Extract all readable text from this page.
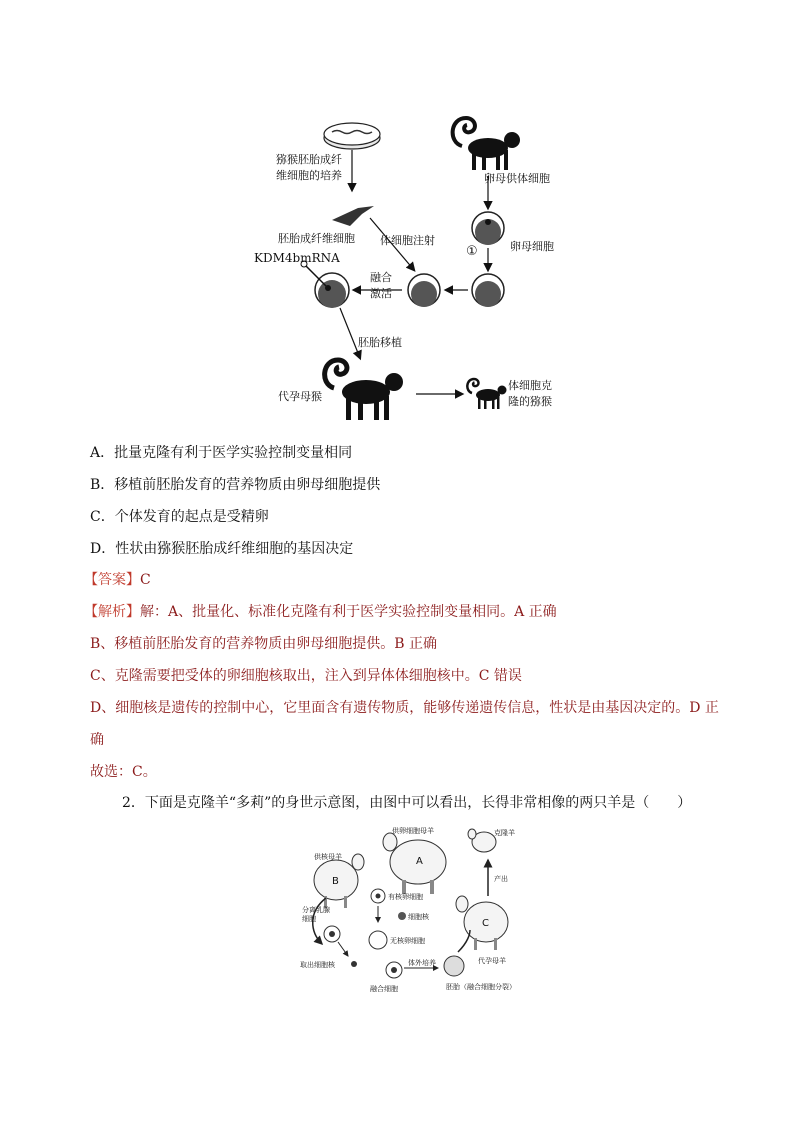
猕猴胚胎成纤
维细胞的培养	卵母供体细胞
胚胎成纤维细胞 体细胞注射	卵母细胞
①
KDM4bmRNA
融合
激活
胚胎移植
代孕母猴
体细胞克
隆的猕猴
A．批量克隆有利于医学实验控制变量相同
B．移植前胚胎发育的营养物质由卵母细胞提供
C．个体发育的起点是受精卵
D．性状由猕猴胚胎成纤维细胞的基因决定
【答案】C
【解析】解：A、批量化、标准化克隆有利于医学实验控制变量相同。A 正确
B、移植前胚胎发育的营养物质由卵母细胞提供。B 正确
C、克隆需要把受体的卵细胞核取出，注入到异体体细胞核中。C 错误
D、细胞核是遗传的控制中心，它里面含有遗传物质，能够传递遗传信息，性状是由基因决定的。D 正
确
故选：C。
2．下面是克隆羊“多莉”的身世示意图，由图中可以看出，长得非常相像的两只羊是（　　）
供卵细胞母羊
A
克隆羊
供核母羊
B
有核卵细胞
产出
分离乳腺
细胞	细胞核
C
无核卵细胞
取出细胞核	体外培养	代孕母羊
融合细胞	胚胎（融合细胞分裂）
